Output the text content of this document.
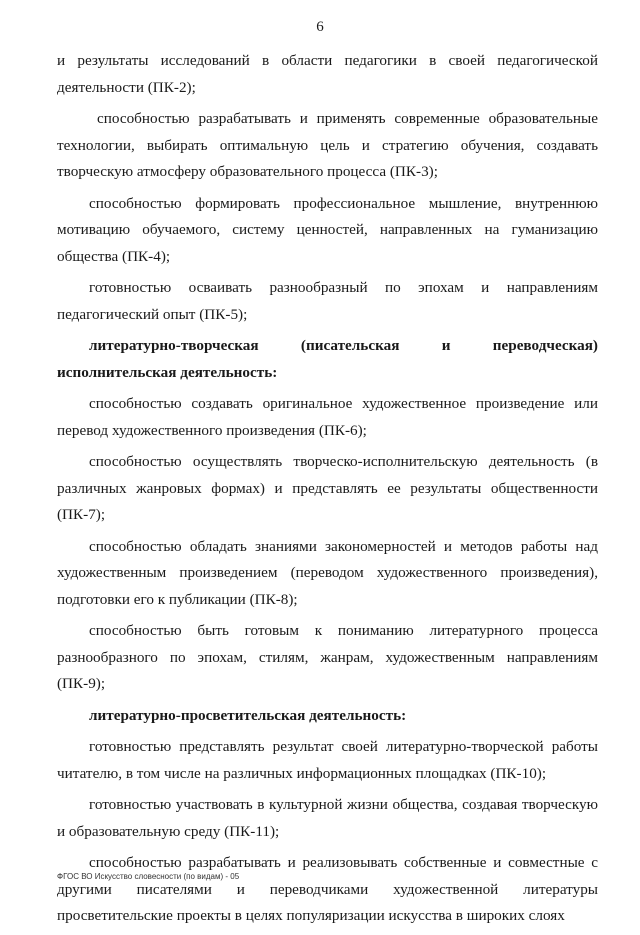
6

и результаты исследований в области педагогики в своей педагогической деятельности (ПК-2);

способностью разрабатывать и применять современные образовательные технологии, выбирать оптимальную цель и стратегию обучения, создавать творческую атмосферу образовательного процесса (ПК-3);

способностью формировать профессиональное мышление, внутреннюю мотивацию обучаемого, систему ценностей, направленных на гуманизацию общества (ПК-4);

готовностью осваивать разнообразный по эпохам и направлениям педагогический опыт (ПК-5);

литературно-творческая (писательская и переводческая) исполнительская деятельность:

способностью создавать оригинальное художественное произведение или перевод художественного произведения (ПК-6);

способностью осуществлять творческо-исполнительскую деятельность (в различных жанровых формах) и представлять ее результаты общественности (ПК-7);

способностью обладать знаниями закономерностей и методов работы над художественным произведением (переводом художественного произведения), подготовки его к публикации (ПК-8);

способностью быть готовым к пониманию литературного процесса разнообразного по эпохам, стилям, жанрам, художественным направлениям (ПК-9);

литературно-просветительская деятельность:

готовностью представлять результат своей литературно-творческой работы читателю, в том числе на различных информационных площадках (ПК-10);

готовностью участвовать в культурной жизни общества, создавая творческую и образовательную среду (ПК-11);

способностью разрабатывать и реализовывать собственные и совместные с другими писателями и переводчиками художественной литературы просветительские проекты в целях популяризации искусства в широких слоях

ФГОС ВО Искусство словесности (по видам) - 05
